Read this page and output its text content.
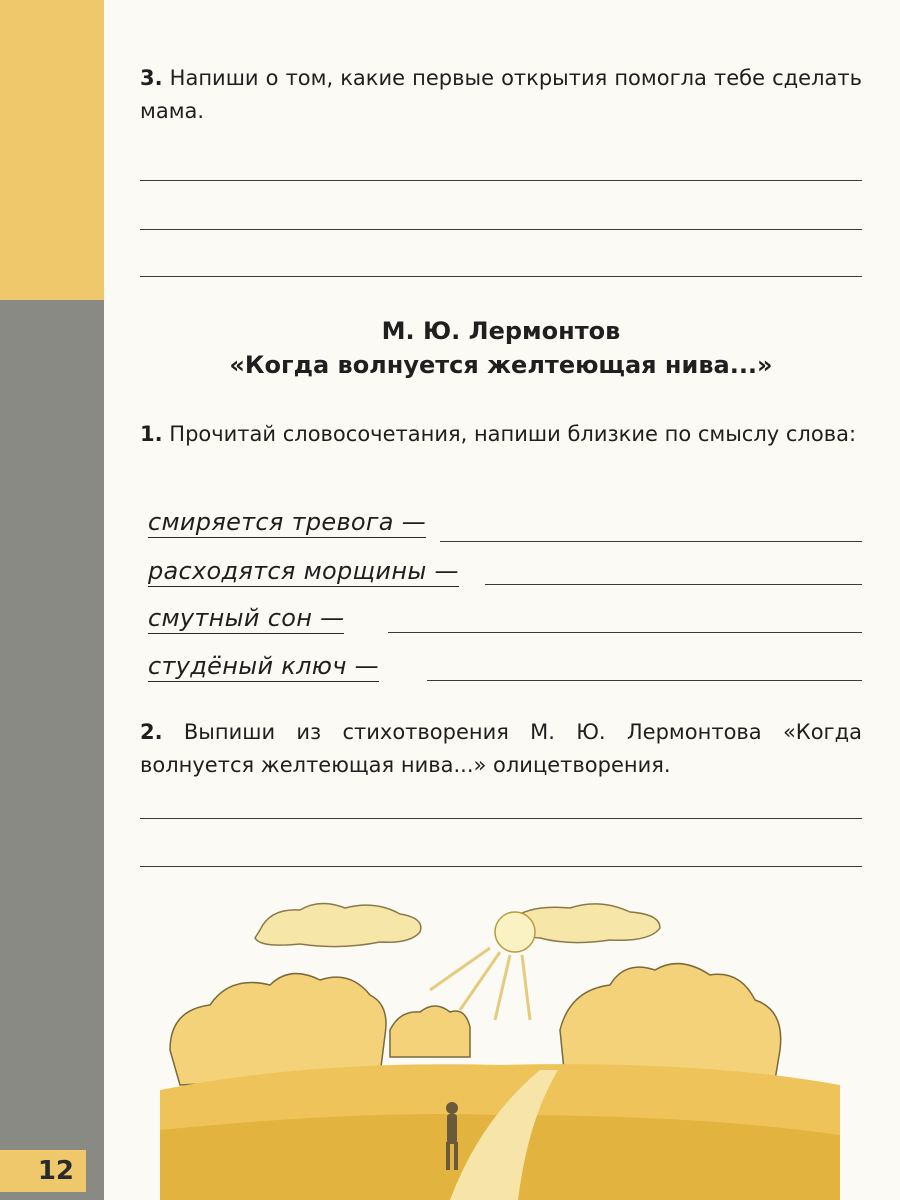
12
3. Напиши о том, какие первые открытия помогла тебе сделать мама.
М. Ю. Лермонтов
«Когда волнуется желтеющая нива...»
1. Прочитай словосочетания, напиши близкие по смыслу слова:
смиряется тревога —
расходятся морщины —
смутный сон —
студёный ключ —
2. Выпиши из стихотворения М. Ю. Лермонтова «Когда волнуется желтеющая нива...» олицетворения.
